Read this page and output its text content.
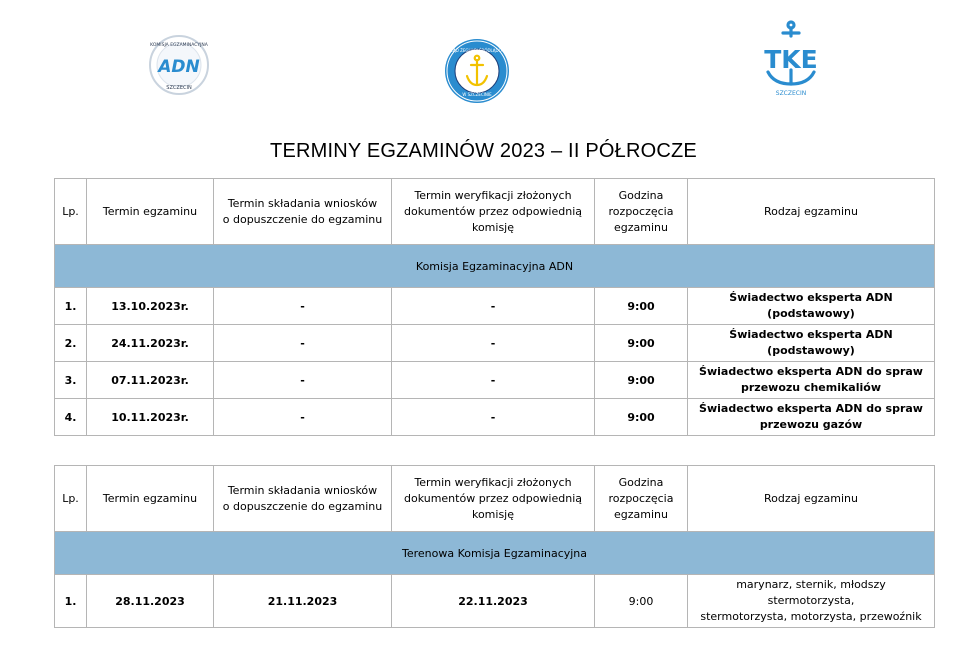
KOMISJA EGZAMINACYJNA
ADN
SZCZECIN
URZĄD ŻEGLUGI ŚRÓDLĄDOWEJ
W SZCZECINIE
TKE
SZCZECIN
TERMINY EGZAMINÓW 2023 – II PÓŁROCZE
Lp.	Termin egzaminu	Termin składania wniosków
o dopuszczenie do egzaminu	Termin weryfikacji złożonych
dokumentów przez odpowiednią
komisję	Godzina
rozpoczęcia
egzaminu	Rodzaj egzaminu
Komisja Egzaminacyjna ADN					
1.	13.10.2023r.	-	-	9:00	Świadectwo eksperta ADN (podstawowy)
2.	24.11.2023r.	-	-	9:00	Świadectwo eksperta ADN (podstawowy)
3.	07.11.2023r.	-	-	9:00	Świadectwo eksperta ADN do spraw
przewozu chemikaliów
4.	10.11.2023r.	-	-	9:00	Świadectwo eksperta ADN do spraw
przewozu gazów
Lp.	Termin egzaminu	Termin składania wniosków
o dopuszczenie do egzaminu	Termin weryfikacji złożonych
dokumentów przez odpowiednią
komisję	Godzina
rozpoczęcia
egzaminu	Rodzaj egzaminu
Terenowa Komisja Egzaminacyjna					
1.	28.11.2023	21.11.2023	22.11.2023	9:00	marynarz, sternik, młodszy stermotorzysta,
stermotorzysta, motorzysta, przewoźnik
